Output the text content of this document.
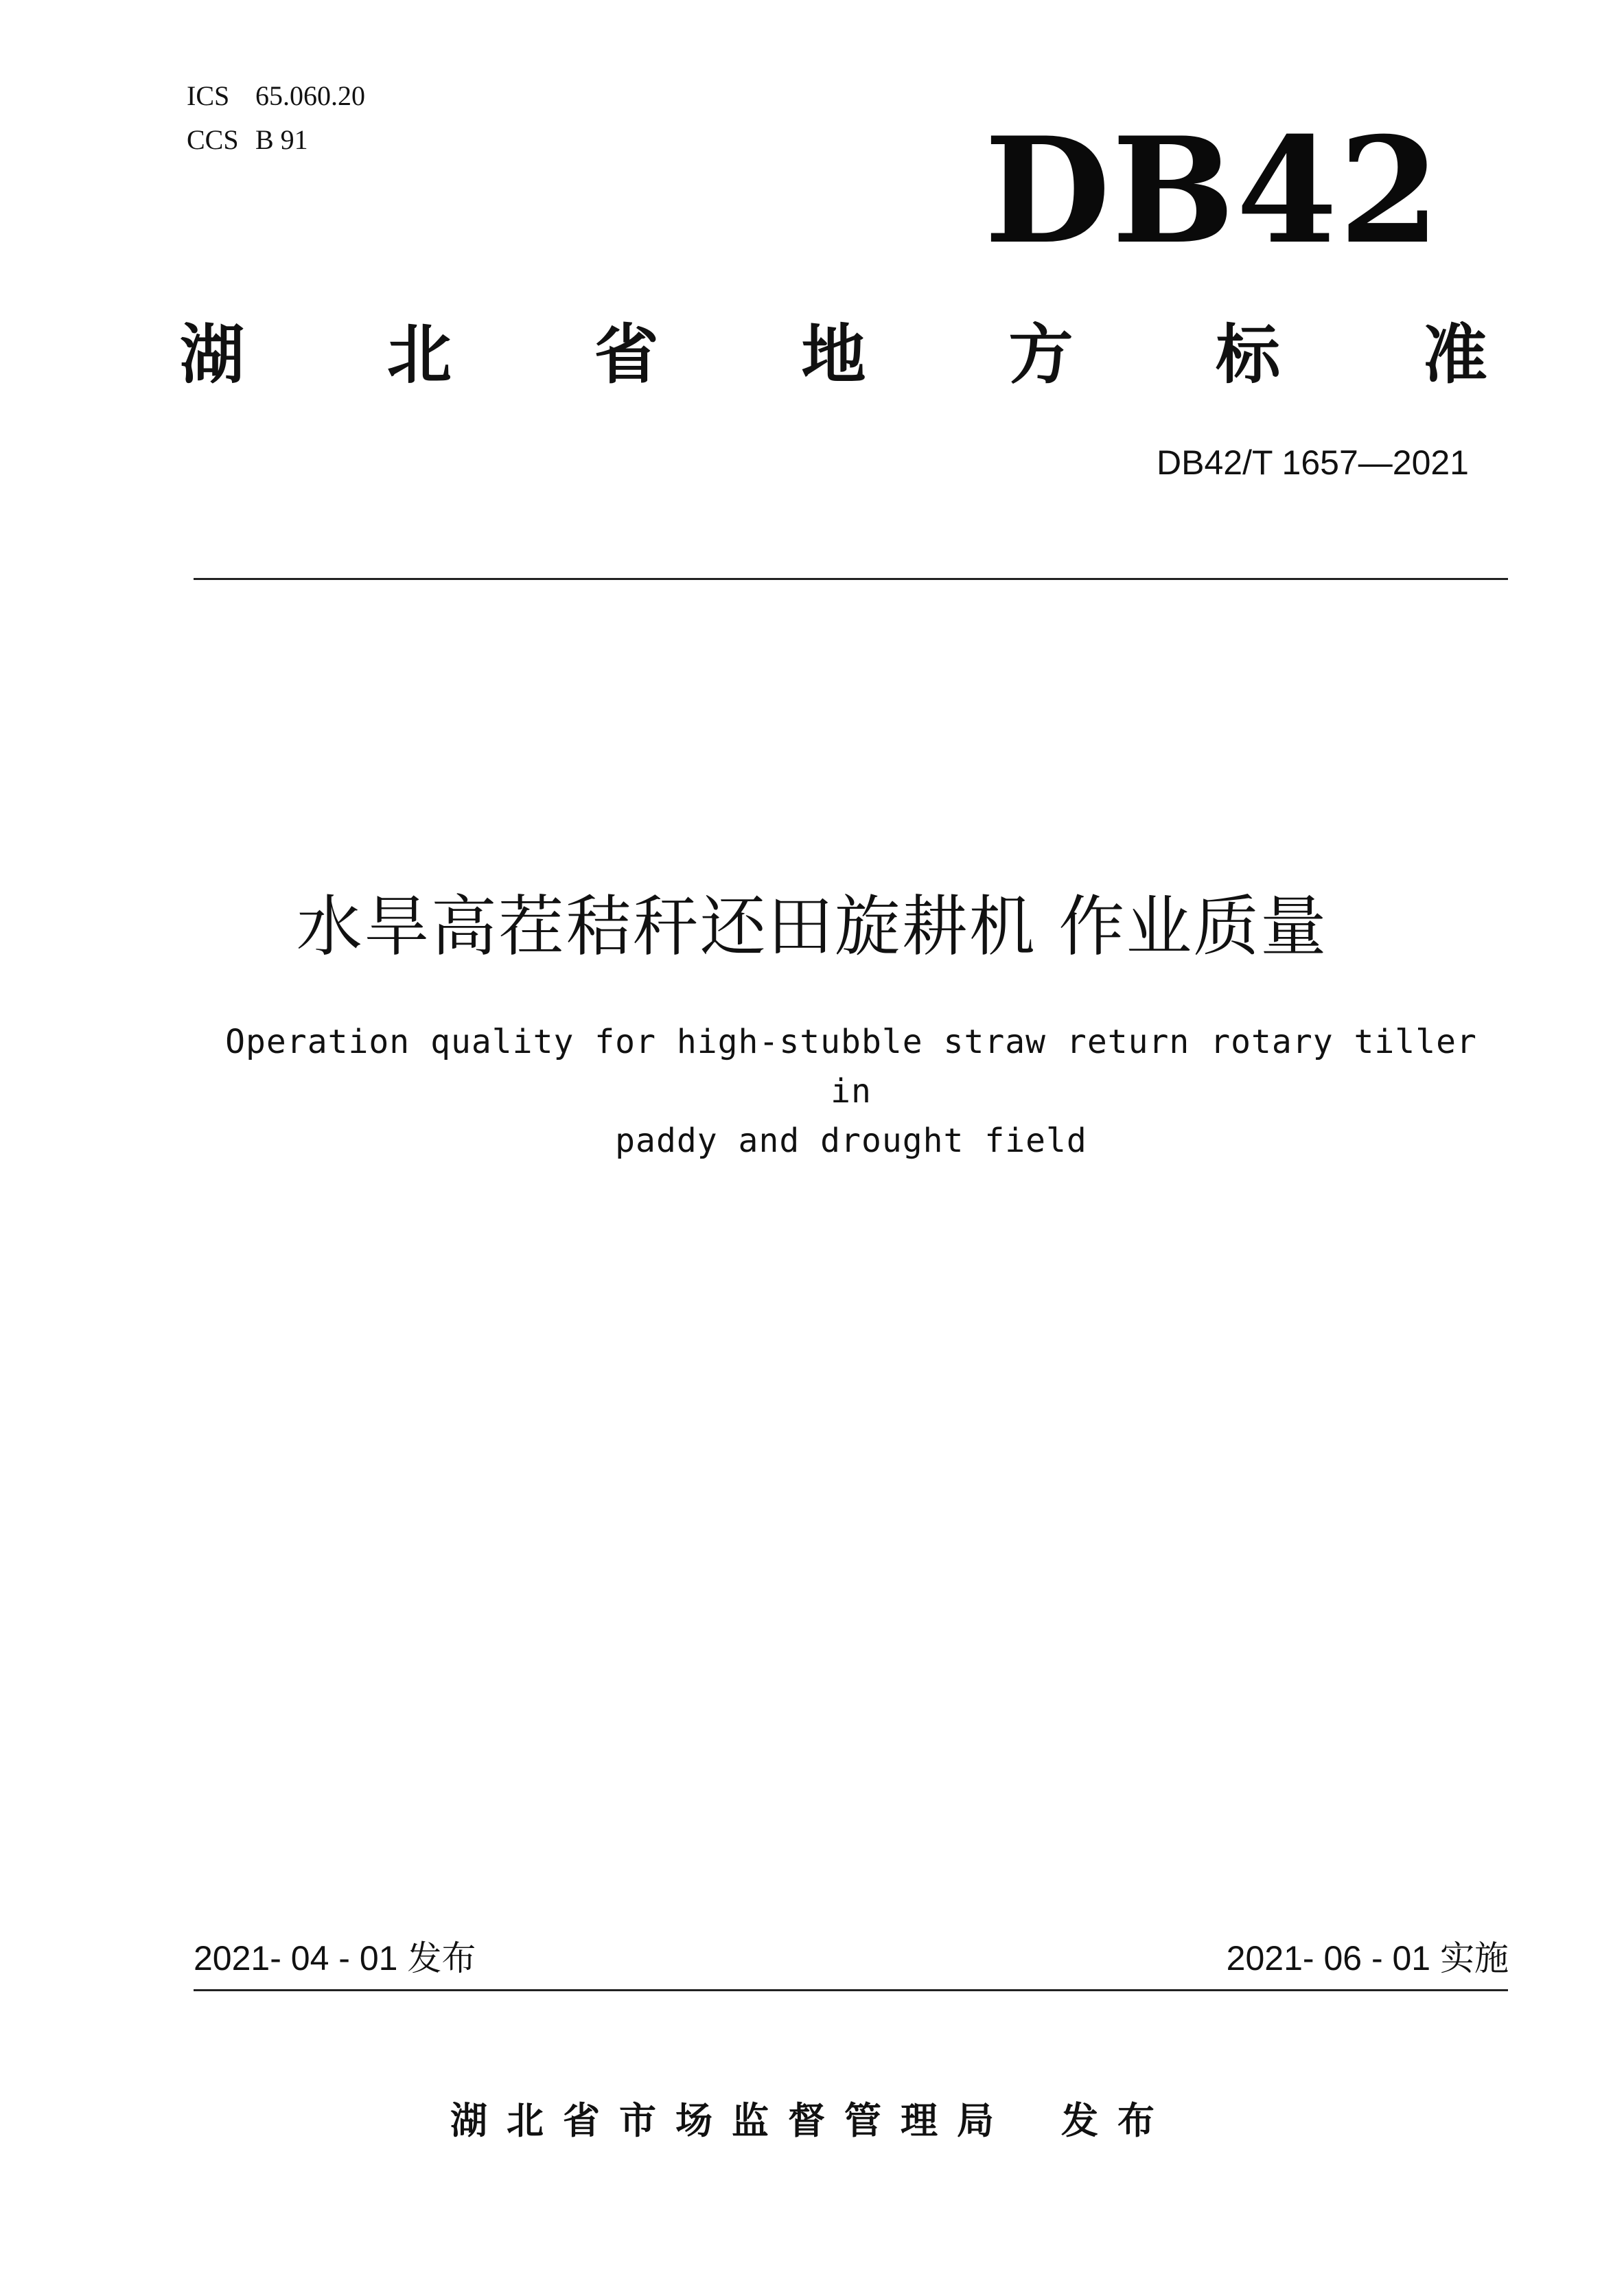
ICS 65.060.20
CCS B 91	DB42
湖 北 省 地 方 标 准
DB42/T 1657—2021
水旱高茬秸秆还田旋耕机 作业质量
Operation quality for high-stubble straw return rotary tiller in
paddy and drought field
2021- 04 - 01 发布	2021- 06 - 01 实施
湖北省市场监督管理局 发布
